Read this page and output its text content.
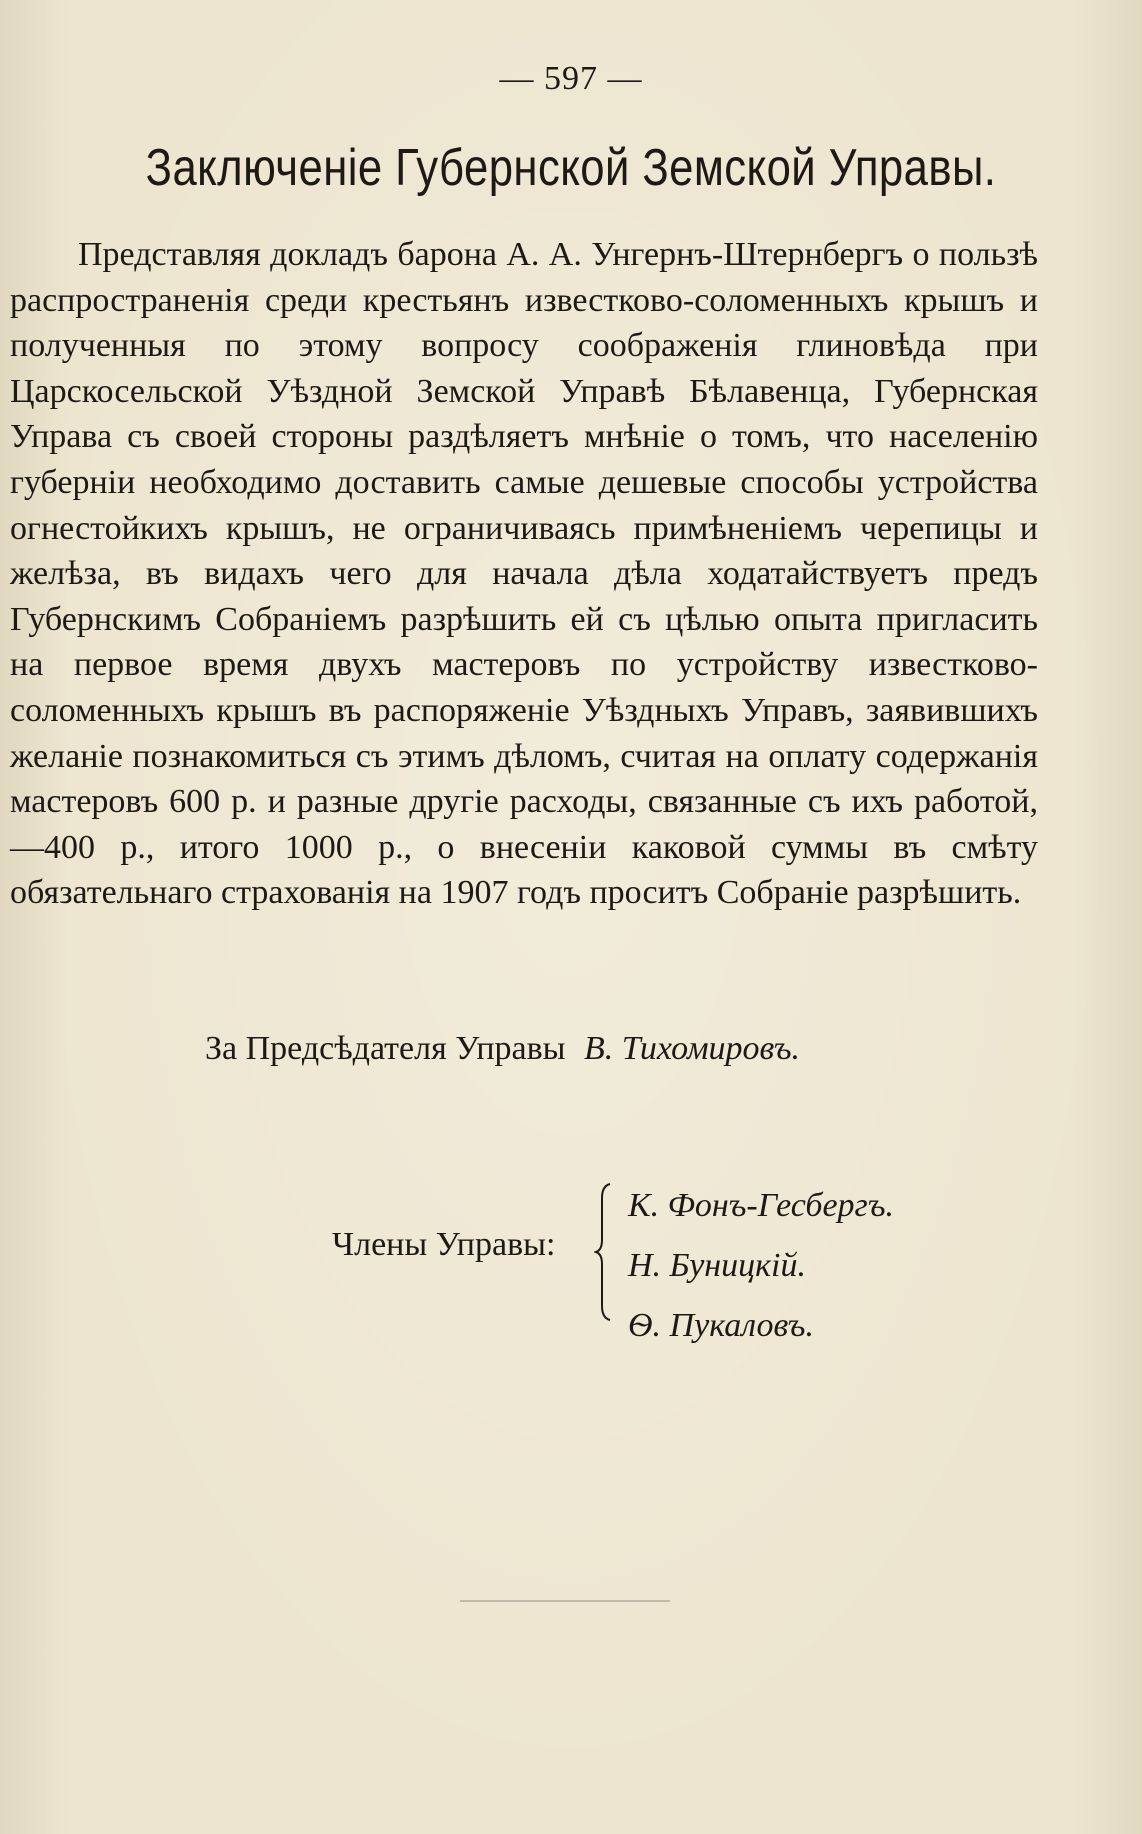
— 597 —
Заключенiе Губернской Земской Управы.

Представляя докладъ барона А. А. Унгернъ-Штернбергъ о пользѣ распространенiя среди крестьянъ известково-соломенныхъ крышъ и полученныя по этому вопросу соображенiя глиновѣда при Царскосельской Уѣздной Земской Управѣ Бѣлавенца, Губернская Управа съ своей стороны раздѣляетъ мнѣнiе о томъ, что населенiю губернiи необходимо доставить самые дешевые способы устройства огнестойкихъ крышъ, не ограничиваясь примѣненiемъ черепицы и желѣза, въ видахъ чего для начала дѣла ходатайствуетъ предъ Губернскимъ Собранiемъ разрѣшить ей съ цѣлью опыта пригласить на первое время двухъ мастеровъ по устройству известково-соломенныхъ крышъ въ распоряженiе Уѣздныхъ Управъ, заявившихъ желанiе познакомиться съ этимъ дѣломъ, считая на оплату содержанiя мастеровъ 600 р. и разные другiе расходы, связанные съ ихъ работой,—400 р., итого 1000 р., о внесенiи каковой суммы въ смѣту обязательнаго страхованiя на 1907 годъ проситъ Собранiе разрѣшить.

За Предсѣдателя Управы В. Тихомировъ.
Члены Управы:
К. Фонъ-Гесбергъ.
Н. Буницкiй.
Ѳ. Пукаловъ.
